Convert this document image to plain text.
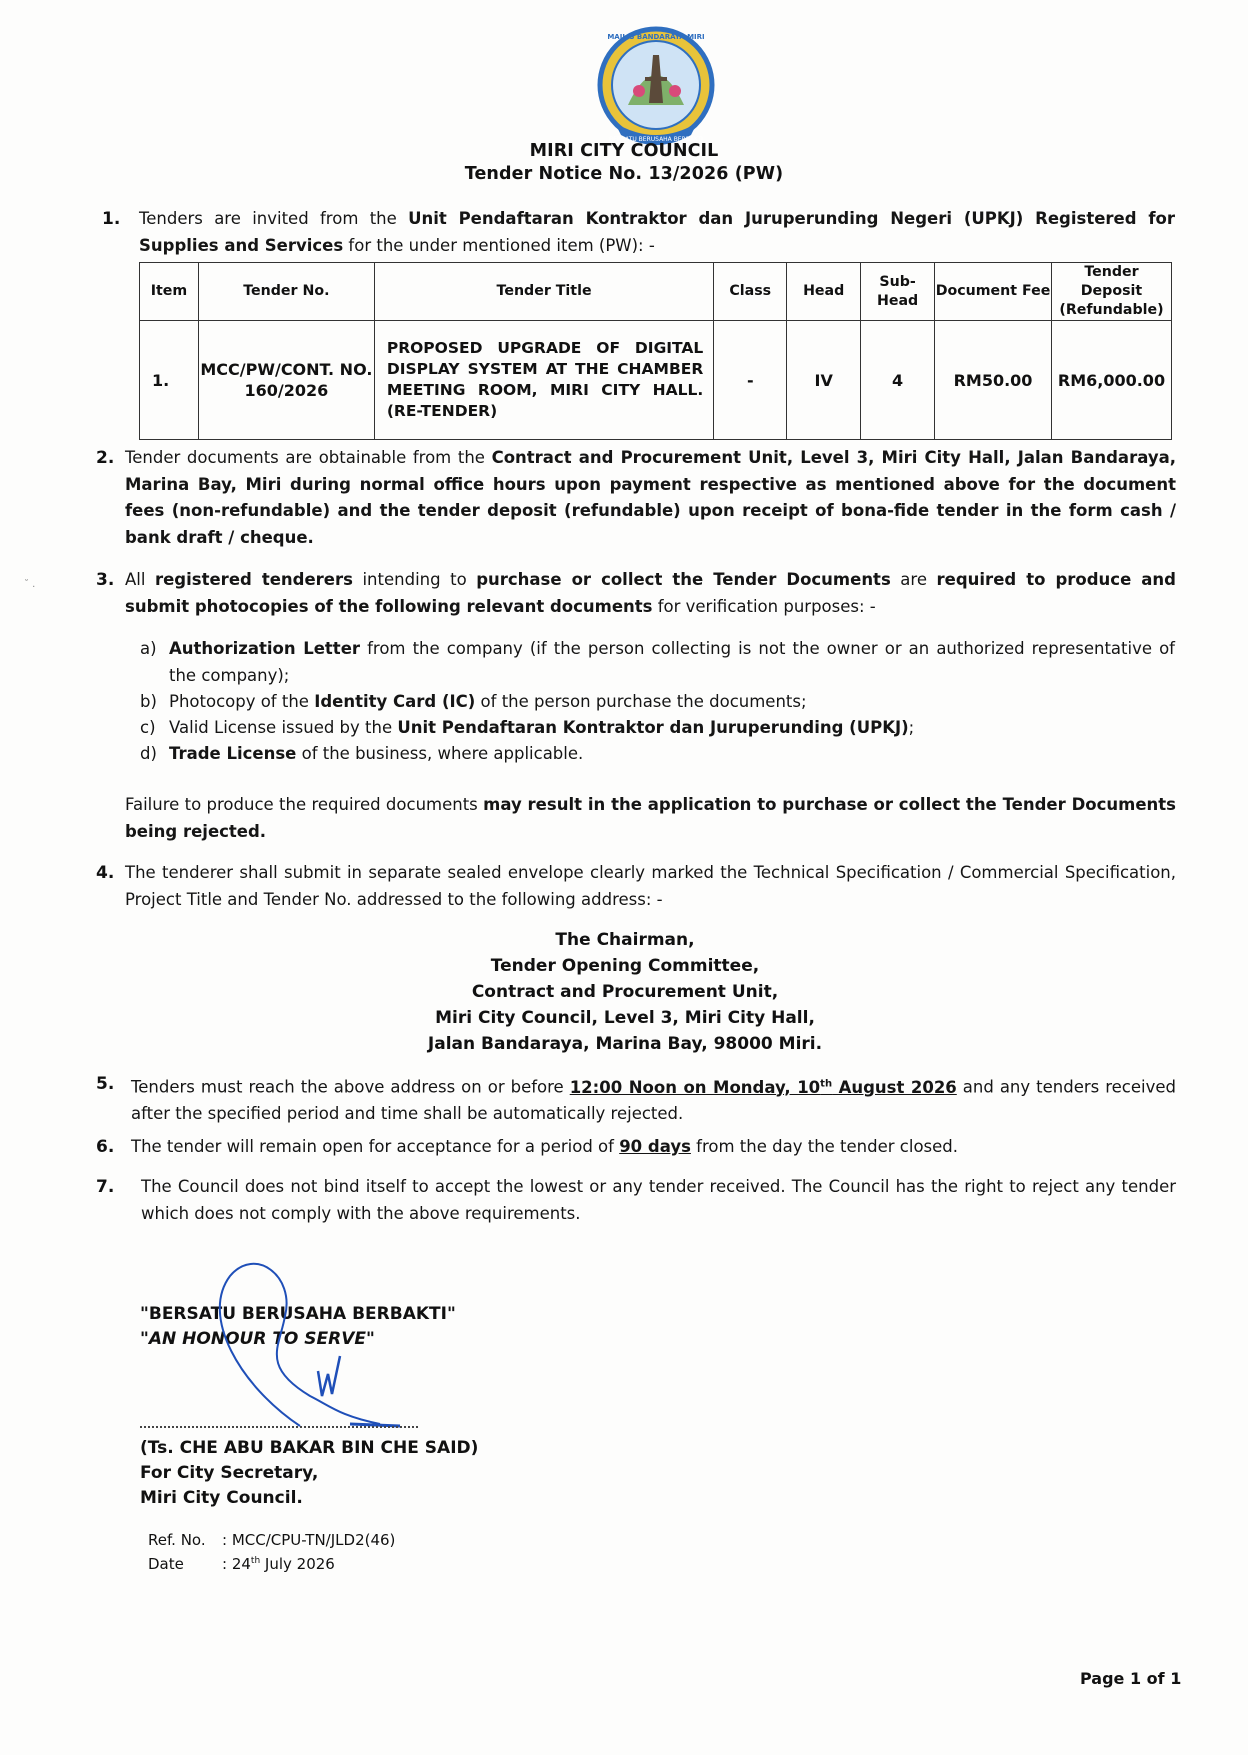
BERSATU BERUSAHA BERBAKTI
MAJLIS BANDARAYA MIRI
MIRI CITY COUNCIL
Tender Notice No. 13/2026 (PW)
1. Tenders are invited from the Unit Pendaftaran Kontraktor dan Juruperunding Negeri (UPKJ) Registered for Supplies and Services for the under mentioned item (PW): -
Item	Tender No.	Tender Title	Class	Head	Sub-Head	Document Fee	Tender Deposit (Refundable)
1.	MCC/PW/CONT. NO. 160/2026	PROPOSED UPGRADE OF DIGITAL DISPLAY SYSTEM AT THE CHAMBER MEETING ROOM, MIRI CITY HALL. (RE-TENDER)	-	IV	4	RM50.00	RM6,000.00
2. Tender documents are obtainable from the Contract and Procurement Unit, Level 3, Miri City Hall, Jalan Bandaraya, Marina Bay, Miri during normal office hours upon payment respective as mentioned above for the document fees (non-refundable) and the tender deposit (refundable) upon receipt of bona-fide tender in the form cash / bank draft / cheque.
˘ .	3. All registered tenderers intending to purchase or collect the Tender Documents are required to produce and submit photocopies of the following relevant documents for verification purposes: -
a) Authorization Letter from the company (if the person collecting is not the owner or an authorized representative of the company);
b) Photocopy of the Identity Card (IC) of the person purchase the documents;
c) Valid License issued by the Unit Pendaftaran Kontraktor dan Juruperunding (UPKJ);
d) Trade License of the business, where applicable.
Failure to produce the required documents may result in the application to purchase or collect the Tender Documents being rejected.
4. The tenderer shall submit in separate sealed envelope clearly marked the Technical Specification / Commercial Specification, Project Title and Tender No. addressed to the following address: -
The Chairman,
Tender Opening Committee,
Contract and Procurement Unit,
Miri City Council, Level 3, Miri City Hall,
Jalan Bandaraya, Marina Bay, 98000 Miri.
5. Tenders must reach the above address on or before 12:00 Noon on Monday, 10th August 2026 and any tenders received after the specified period and time shall be automatically rejected.
6. The tender will remain open for acceptance for a period of 90 days from the day the tender closed.
7. The Council does not bind itself to accept the lowest or any tender received. The Council has the right to reject any tender which does not comply with the above requirements.
"BERSATU BERUSAHA BERBAKTI"
"AN HONOUR TO SERVE"
(Ts. CHE ABU BAKAR BIN CHE SAID)
For City Secretary,
Miri City Council.
Ref. No. : MCC/CPU-TN/JLD2(46)
Date	: 24th July 2026
Page 1 of 1
